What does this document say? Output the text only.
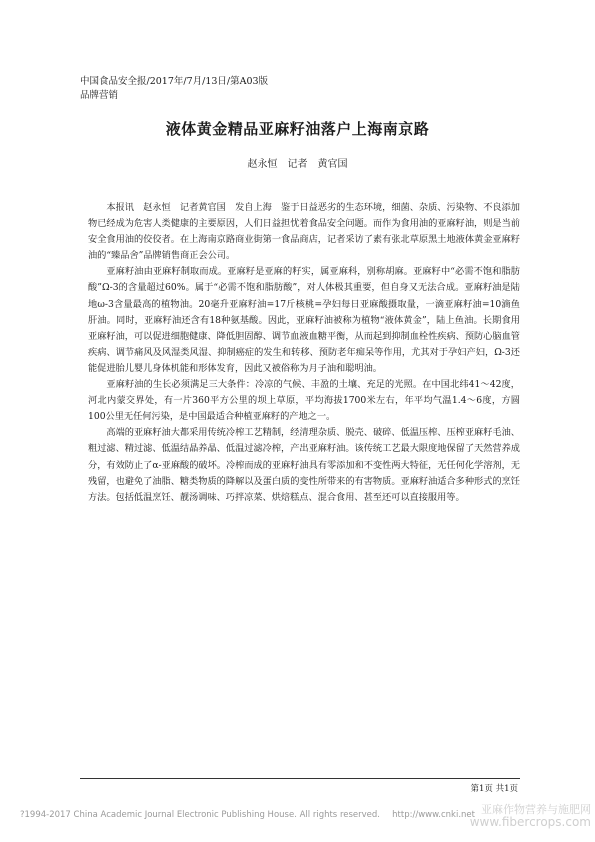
中国食品安全报/2017年/7月/13日/第A03版
品牌营销
液体黄金精品亚麻籽油落户上海南京路
赵永恒　记者　黄官国

本报讯　赵永恒　记者黄官国　发自上海　鉴于日益恶劣的生态环境，细菌、杂质、污染物、不良添加物已经成为危害人类健康的主要原因，人们日益担忧着食品安全问题。而作为食用油的亚麻籽油，则是当前安全食用油的佼佼者。在上海南京路商业街第一食品商店，记者采访了素有张北草原黑土地液体黄金亚麻籽油的“臻品舍”品牌销售商正会公司。

亚麻籽油由亚麻籽制取而成。亚麻籽是亚麻的籽实，属亚麻科，别称胡麻。亚麻籽中“必需不饱和脂肪酸”Ω-3的含量超过60%。属于“必需不饱和脂肪酸”，对人体极其重要，但自身又无法合成。亚麻籽油是陆地ω-3含量最高的植物油。20毫升亚麻籽油=17斤核桃=孕妇每日亚麻酸摄取量，一滴亚麻籽油=10滴鱼肝油。同时，亚麻籽油还含有18种氨基酸。因此，亚麻籽油被称为植物“液体黄金”，陆上鱼油。长期食用亚麻籽油，可以促进细胞健康、降低胆固醇、调节血液血糖平衡，从而起到抑制血栓性疾病、预防心脑血管疾病、调节痛风及风湿类风湿、抑制癌症的发生和转移、预防老年痴呆等作用，尤其对于孕妇产妇，Ω-3还能促进胎儿婴儿身体机能和形体发育，因此又被俗称为月子油和聪明油。

亚麻籽油的生长必须满足三大条件：冷凉的气候、丰盈的土壤、充足的光照。在中国北纬41～42度，河北内蒙交界处，有一片360平方公里的坝上草原，平均海拔1700米左右，年平均气温1.4～6度，方圆100公里无任何污染，是中国最适合种植亚麻籽的产地之一。

高端的亚麻籽油大都采用传统冷榨工艺精制，经清理杂质、脱壳、破碎、低温压榨、压榨亚麻籽毛油、粗过滤、精过滤、低温结晶养晶、低温过滤冷榨，产出亚麻籽油。该传统工艺最大限度地保留了天然营养成分，有效防止了α-亚麻酸的破坏。冷榨而成的亚麻籽油具有零添加和不变性两大特征，无任何化学溶剂，无残留，也避免了油脂、糖类物质的降解以及蛋白质的变性所带来的有害物质。亚麻籽油适合多种形式的烹饪方法。包括低温烹饪、靓汤调味、巧拌凉菜、烘焙糕点、混合食用、甚至还可以直接服用等。

第1页 共1页
?1994-2017 China Academic Journal Electronic Publishing House. All rights reserved. http://www.cnki.net 亚麻作物营养与施肥网
www.fibercrops.com
